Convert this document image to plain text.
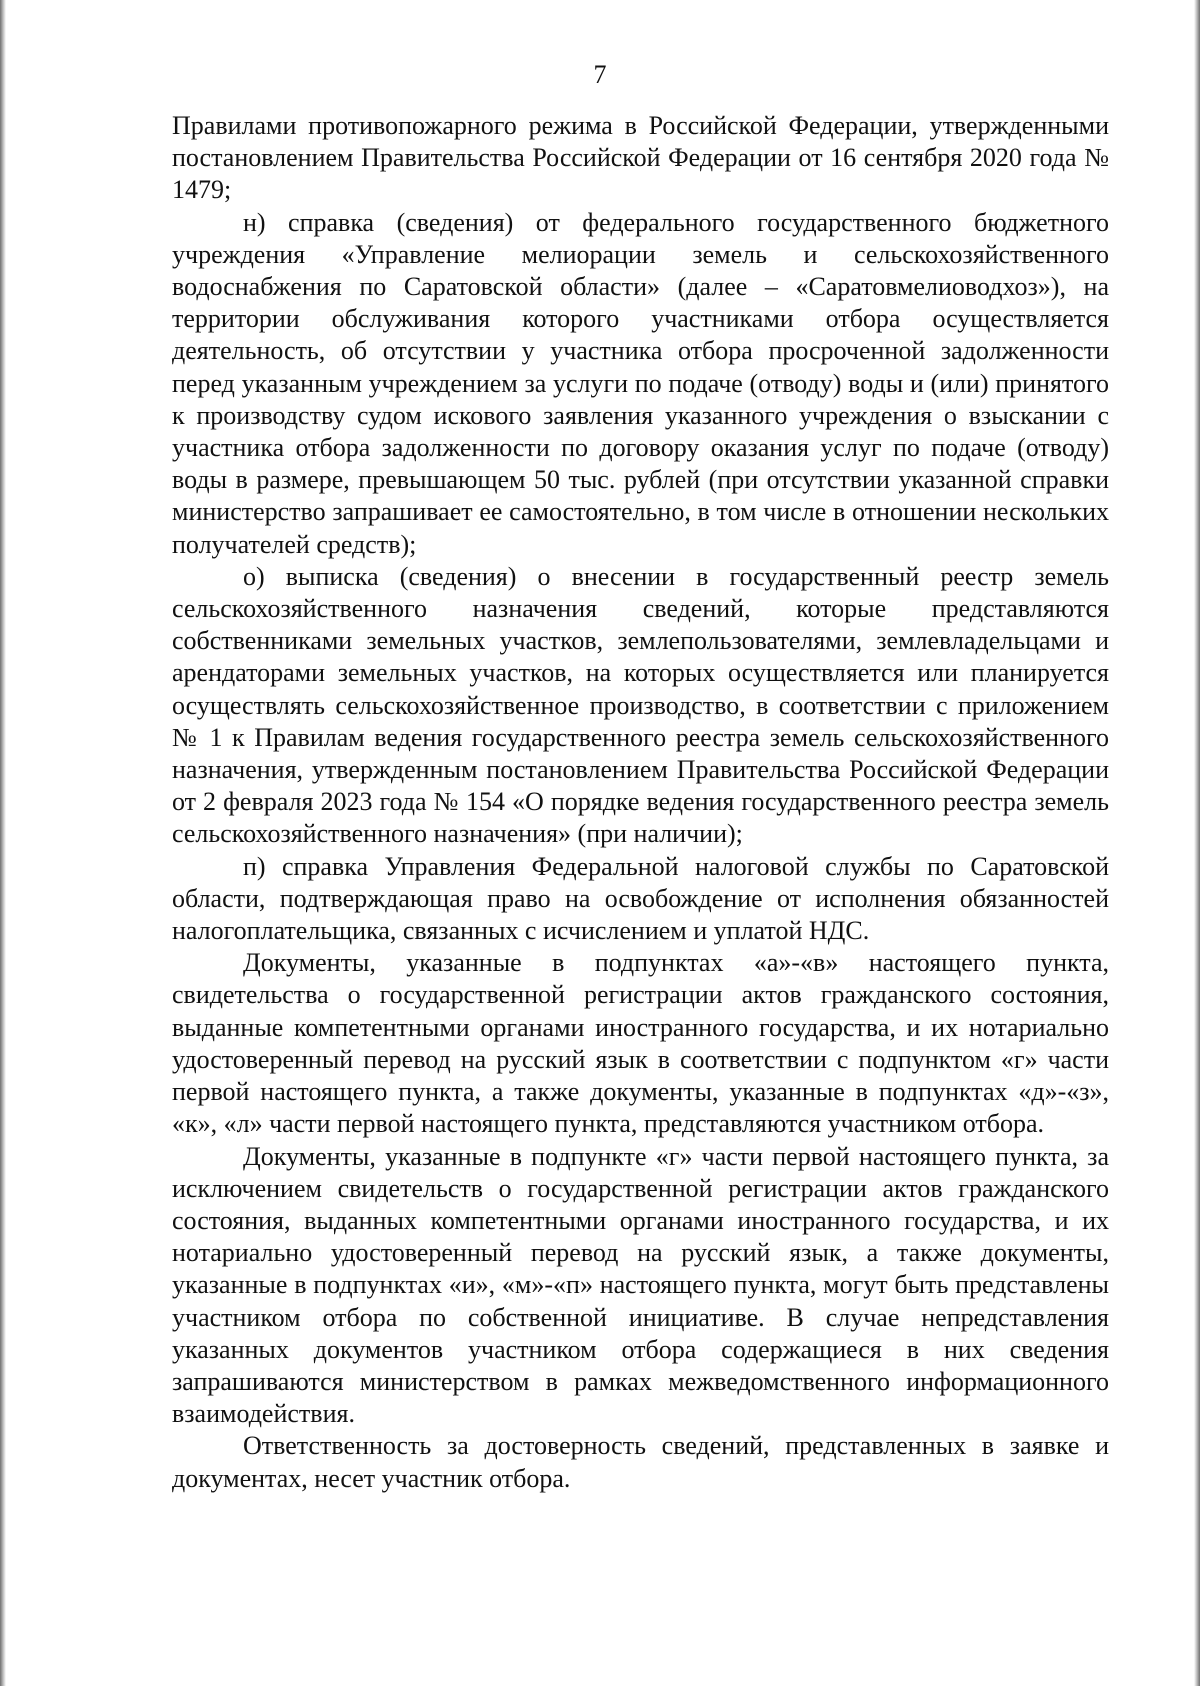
7

Правилами противопожарного режима в Российской Федерации, утвержденными постановлением Правительства Российской Федерации от 16 сентября 2020 года № 1479;

н) справка (сведения) от федерального государственного бюджетного учреждения «Управление мелиорации земель и сельскохозяйственного водоснабжения по Саратовской области» (далее – «Саратовмелиоводхоз»), на территории обслуживания которого участниками отбора осуществляется деятельность, об отсутствии у участника отбора просроченной задолженности перед указанным учреждением за услуги по подаче (отводу) воды и (или) принятого к производству судом искового заявления указанного учреждения о взыскании с участника отбора задолженности по договору оказания услуг по подаче (отводу) воды в размере, превышающем 50 тыс. рублей (при отсутствии указанной справки министерство запрашивает ее самостоятельно, в том числе в отношении нескольких получателей средств);

о) выписка (сведения) о внесении в государственный реестр земель сельскохозяйственного назначения сведений, которые представляются собственниками земельных участков, землепользователями, землевладельцами и арендаторами земельных участков, на которых осуществляется или планируется осуществлять сельскохозяйственное производство, в соответствии с приложением № 1 к Правилам ведения государственного реестра земель сельскохозяйственного назначения, утвержденным постановлением Правительства Российской Федерации от 2 февраля 2023 года № 154 «О порядке ведения государственного реестра земель сельскохозяйственного назначения» (при наличии);

п) справка Управления Федеральной налоговой службы по Саратовской области, подтверждающая право на освобождение от исполнения обязанностей налогоплательщика, связанных с исчислением и уплатой НДС.

Документы, указанные в подпунктах «а»-«в» настоящего пункта, свидетельства о государственной регистрации актов гражданского состояния, выданные компетентными органами иностранного государства, и их нотариально удостоверенный перевод на русский язык в соответствии с подпунктом «г» части первой настоящего пункта, а также документы, указанные в подпунктах «д»-«з», «к», «л» части первой настоящего пункта, представляются участником отбора.

Документы, указанные в подпункте «г» части первой настоящего пункта, за исключением свидетельств о государственной регистрации актов гражданского состояния, выданных компетентными органами иностранного государства, и их нотариально удостоверенный перевод на русский язык, а также документы, указанные в подпунктах «и», «м»-«п» настоящего пункта, могут быть представлены участником отбора по собственной инициативе. В случае непредставления указанных документов участником отбора содержащиеся в них сведения запрашиваются министерством в рамках межведомственного информационного взаимодействия.

Ответственность за достоверность сведений, представленных в заявке и документах, несет участник отбора.
